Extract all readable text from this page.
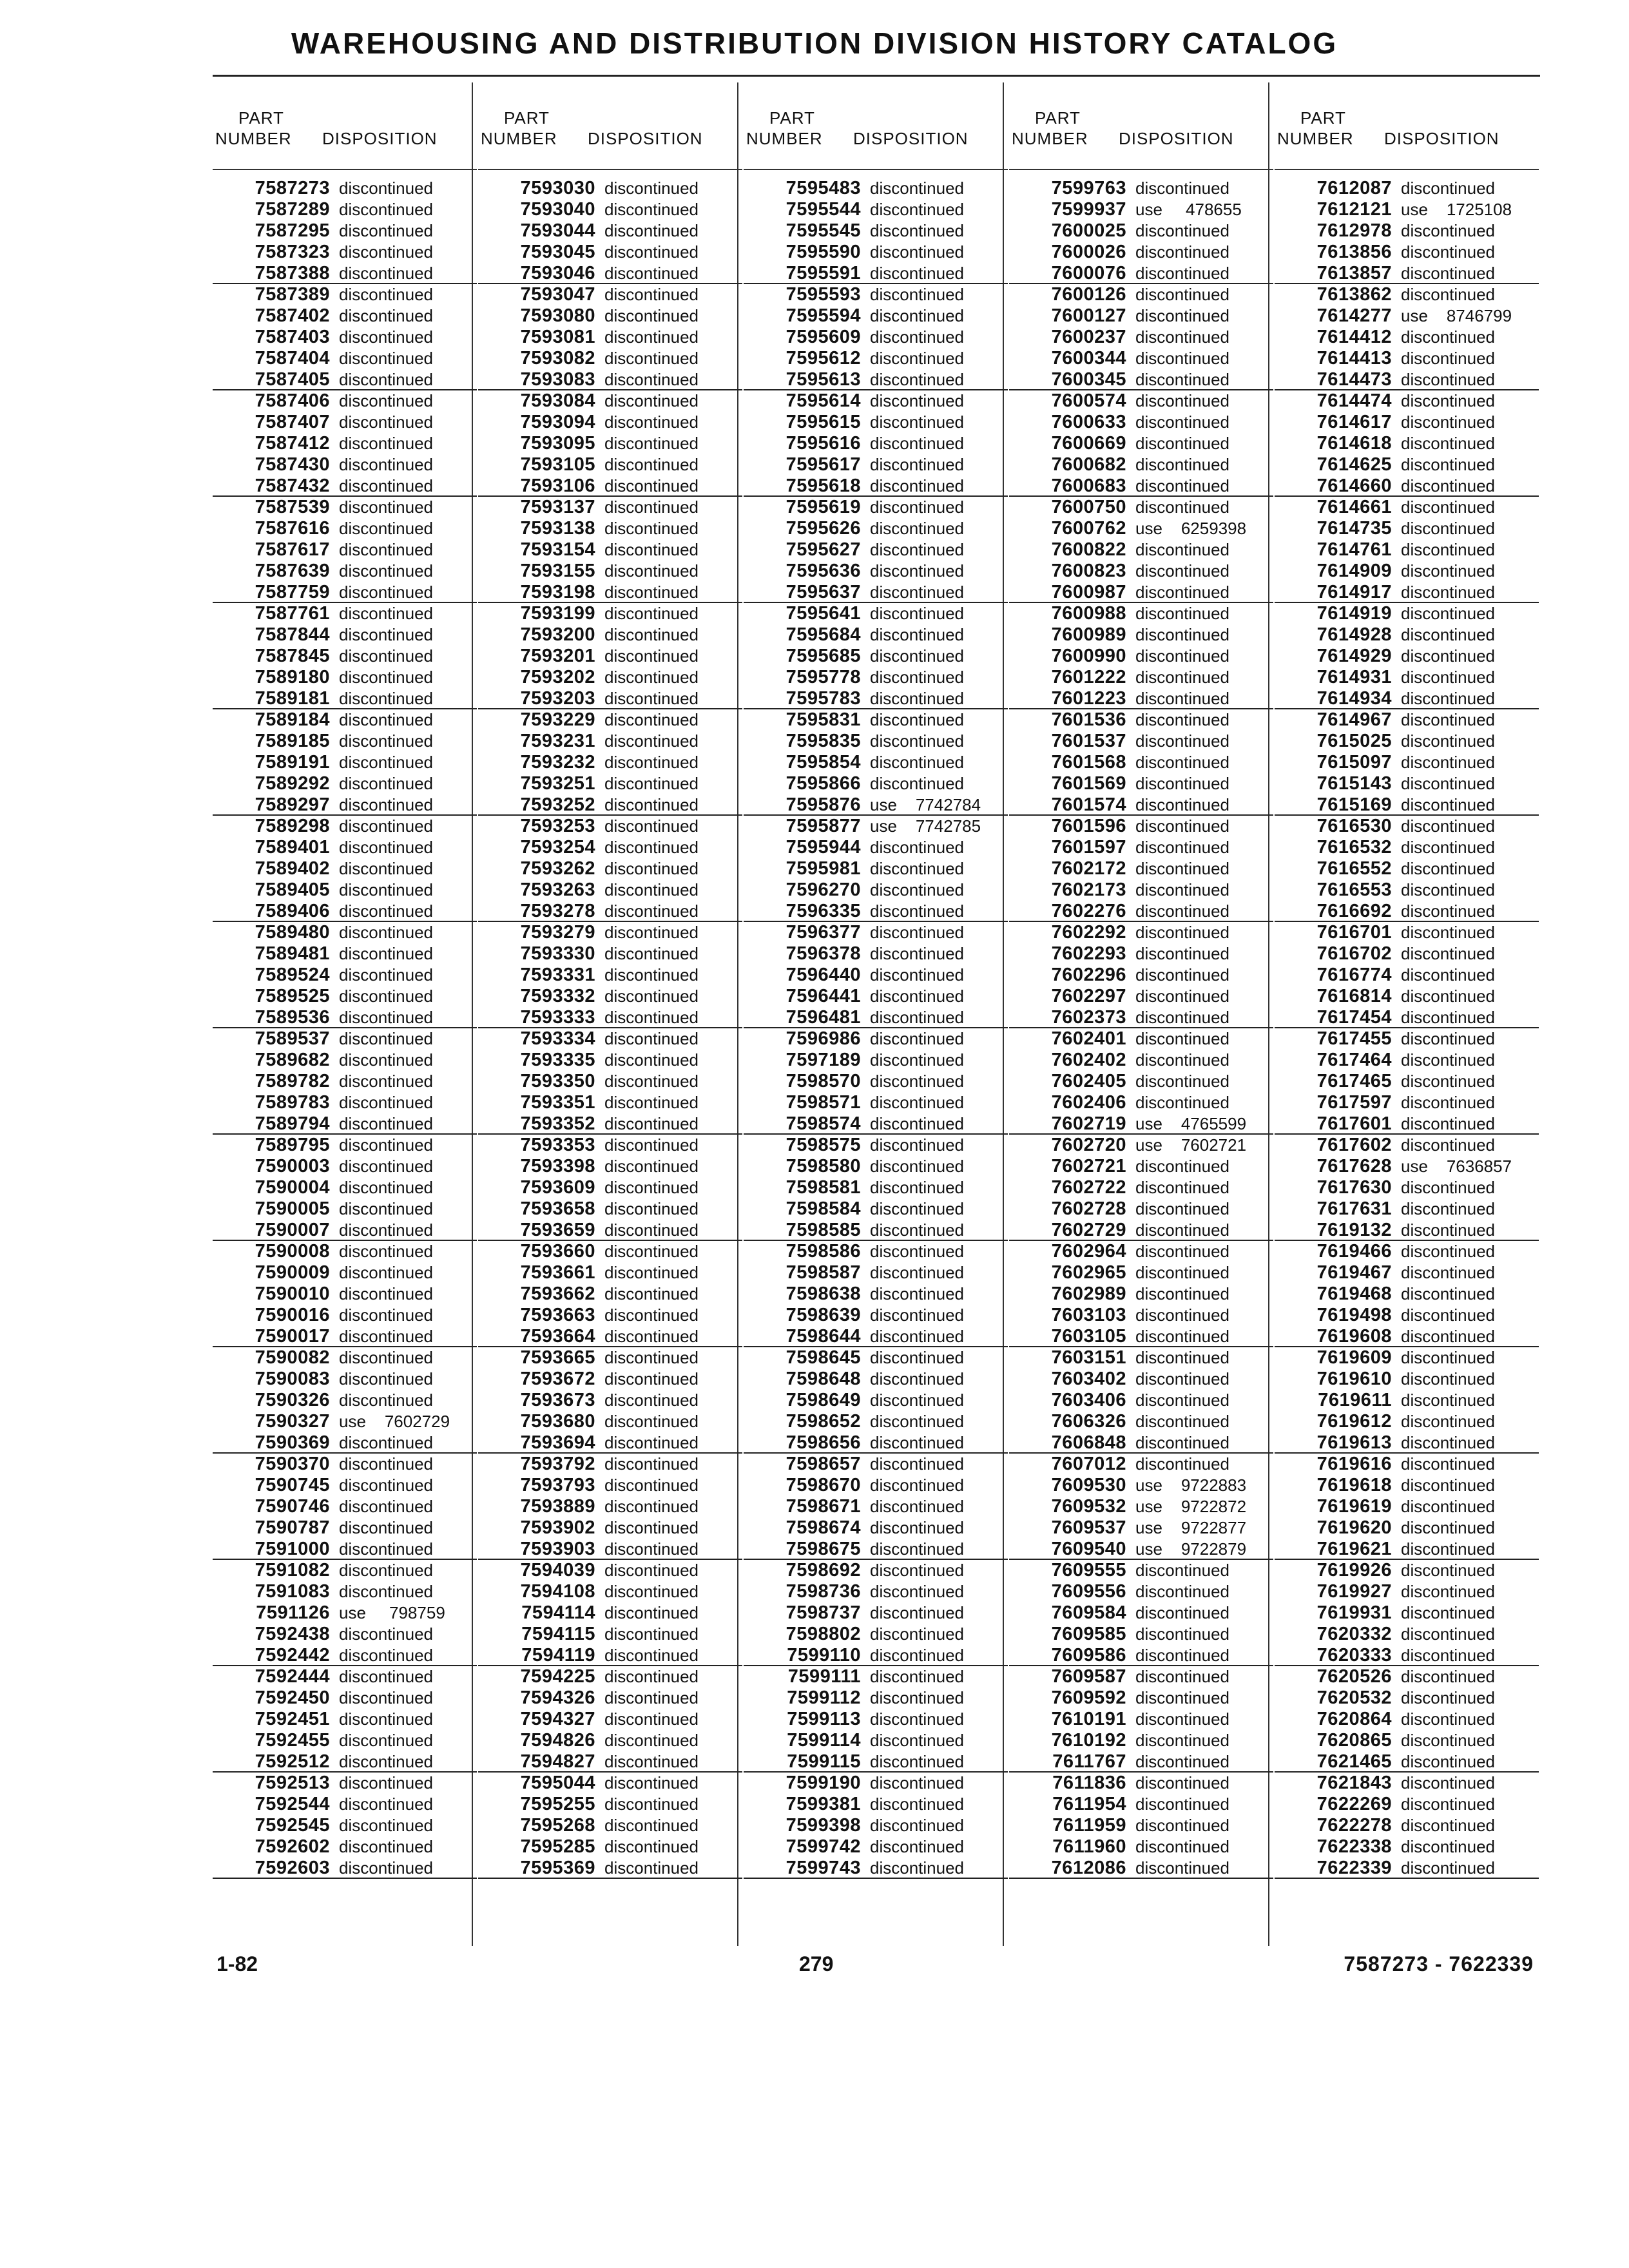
WAREHOUSING AND DISTRIBUTION DIVISION HISTORY CATALOG
PART
NUMBER DISPOSITION
7587273 discontinued
7587289 discontinued
7587295 discontinued
7587323 discontinued
7587388 discontinued
7587389 discontinued
7587402 discontinued
7587403 discontinued
7587404 discontinued
7587405 discontinued
7587406 discontinued
7587407 discontinued
7587412 discontinued
7587430 discontinued
7587432 discontinued
7587539 discontinued
7587616 discontinued
7587617 discontinued
7587639 discontinued
7587759 discontinued
7587761 discontinued
7587844 discontinued
7587845 discontinued
7589180 discontinued
7589181 discontinued
7589184 discontinued
7589185 discontinued
7589191 discontinued
7589292 discontinued
7589297 discontinued
7589298 discontinued
7589401 discontinued
7589402 discontinued
7589405 discontinued
7589406 discontinued
7589480 discontinued
7589481 discontinued
7589524 discontinued
7589525 discontinued
7589536 discontinued
7589537 discontinued
7589682 discontinued
7589782 discontinued
7589783 discontinued
7589794 discontinued
7589795 discontinued
7590003 discontinued
7590004 discontinued
7590005 discontinued
7590007 discontinued
7590008 discontinued
7590009 discontinued
7590010 discontinued
7590016 discontinued
7590017 discontinued
7590082 discontinued
7590083 discontinued
7590326 discontinued
7590327 use    7602729
7590369 discontinued
7590370 discontinued
7590745 discontinued
7590746 discontinued
7590787 discontinued
7591000 discontinued
7591082 discontinued
7591083 discontinued
7591126 use     798759
7592438 discontinued
7592442 discontinued
7592444 discontinued
7592450 discontinued
7592451 discontinued
7592455 discontinued
7592512 discontinued
7592513 discontinued
7592544 discontinued
7592545 discontinued
7592602 discontinued
7592603 discontinued
PART
NUMBER DISPOSITION
7593030 discontinued
7593040 discontinued
7593044 discontinued
7593045 discontinued
7593046 discontinued
7593047 discontinued
7593080 discontinued
7593081 discontinued
7593082 discontinued
7593083 discontinued
7593084 discontinued
7593094 discontinued
7593095 discontinued
7593105 discontinued
7593106 discontinued
7593137 discontinued
7593138 discontinued
7593154 discontinued
7593155 discontinued
7593198 discontinued
7593199 discontinued
7593200 discontinued
7593201 discontinued
7593202 discontinued
7593203 discontinued
7593229 discontinued
7593231 discontinued
7593232 discontinued
7593251 discontinued
7593252 discontinued
7593253 discontinued
7593254 discontinued
7593262 discontinued
7593263 discontinued
7593278 discontinued
7593279 discontinued
7593330 discontinued
7593331 discontinued
7593332 discontinued
7593333 discontinued
7593334 discontinued
7593335 discontinued
7593350 discontinued
7593351 discontinued
7593352 discontinued
7593353 discontinued
7593398 discontinued
7593609 discontinued
7593658 discontinued
7593659 discontinued
7593660 discontinued
7593661 discontinued
7593662 discontinued
7593663 discontinued
7593664 discontinued
7593665 discontinued
7593672 discontinued
7593673 discontinued
7593680 discontinued
7593694 discontinued
7593792 discontinued
7593793 discontinued
7593889 discontinued
7593902 discontinued
7593903 discontinued
7594039 discontinued
7594108 discontinued
7594114 discontinued
7594115 discontinued
7594119 discontinued
7594225 discontinued
7594326 discontinued
7594327 discontinued
7594826 discontinued
7594827 discontinued
7595044 discontinued
7595255 discontinued
7595268 discontinued
7595285 discontinued
7595369 discontinued
PART
NUMBER DISPOSITION
7595483 discontinued
7595544 discontinued
7595545 discontinued
7595590 discontinued
7595591 discontinued
7595593 discontinued
7595594 discontinued
7595609 discontinued
7595612 discontinued
7595613 discontinued
7595614 discontinued
7595615 discontinued
7595616 discontinued
7595617 discontinued
7595618 discontinued
7595619 discontinued
7595626 discontinued
7595627 discontinued
7595636 discontinued
7595637 discontinued
7595641 discontinued
7595684 discontinued
7595685 discontinued
7595778 discontinued
7595783 discontinued
7595831 discontinued
7595835 discontinued
7595854 discontinued
7595866 discontinued
7595876 use    7742784
7595877 use    7742785
7595944 discontinued
7595981 discontinued
7596270 discontinued
7596335 discontinued
7596377 discontinued
7596378 discontinued
7596440 discontinued
7596441 discontinued
7596481 discontinued
7596986 discontinued
7597189 discontinued
7598570 discontinued
7598571 discontinued
7598574 discontinued
7598575 discontinued
7598580 discontinued
7598581 discontinued
7598584 discontinued
7598585 discontinued
7598586 discontinued
7598587 discontinued
7598638 discontinued
7598639 discontinued
7598644 discontinued
7598645 discontinued
7598648 discontinued
7598649 discontinued
7598652 discontinued
7598656 discontinued
7598657 discontinued
7598670 discontinued
7598671 discontinued
7598674 discontinued
7598675 discontinued
7598692 discontinued
7598736 discontinued
7598737 discontinued
7598802 discontinued
7599110 discontinued
7599111 discontinued
7599112 discontinued
7599113 discontinued
7599114 discontinued
7599115 discontinued
7599190 discontinued
7599381 discontinued
7599398 discontinued
7599742 discontinued
7599743 discontinued
PART
NUMBER DISPOSITION
7599763 discontinued
7599937 use     478655
7600025 discontinued
7600026 discontinued
7600076 discontinued
7600126 discontinued
7600127 discontinued
7600237 discontinued
7600344 discontinued
7600345 discontinued
7600574 discontinued
7600633 discontinued
7600669 discontinued
7600682 discontinued
7600683 discontinued
7600750 discontinued
7600762 use    6259398
7600822 discontinued
7600823 discontinued
7600987 discontinued
7600988 discontinued
7600989 discontinued
7600990 discontinued
7601222 discontinued
7601223 discontinued
7601536 discontinued
7601537 discontinued
7601568 discontinued
7601569 discontinued
7601574 discontinued
7601596 discontinued
7601597 discontinued
7602172 discontinued
7602173 discontinued
7602276 discontinued
7602292 discontinued
7602293 discontinued
7602296 discontinued
7602297 discontinued
7602373 discontinued
7602401 discontinued
7602402 discontinued
7602405 discontinued
7602406 discontinued
7602719 use    4765599
7602720 use    7602721
7602721 discontinued
7602722 discontinued
7602728 discontinued
7602729 discontinued
7602964 discontinued
7602965 discontinued
7602989 discontinued
7603103 discontinued
7603105 discontinued
7603151 discontinued
7603402 discontinued
7603406 discontinued
7606326 discontinued
7606848 discontinued
7607012 discontinued
7609530 use    9722883
7609532 use    9722872
7609537 use    9722877
7609540 use    9722879
7609555 discontinued
7609556 discontinued
7609584 discontinued
7609585 discontinued
7609586 discontinued
7609587 discontinued
7609592 discontinued
7610191 discontinued
7610192 discontinued
7611767 discontinued
7611836 discontinued
7611954 discontinued
7611959 discontinued
7611960 discontinued
7612086 discontinued
PART
NUMBER DISPOSITION
7612087 discontinued
7612121 use    1725108
7612978 discontinued
7613856 discontinued
7613857 discontinued
7613862 discontinued
7614277 use    8746799
7614412 discontinued
7614413 discontinued
7614473 discontinued
7614474 discontinued
7614617 discontinued
7614618 discontinued
7614625 discontinued
7614660 discontinued
7614661 discontinued
7614735 discontinued
7614761 discontinued
7614909 discontinued
7614917 discontinued
7614919 discontinued
7614928 discontinued
7614929 discontinued
7614931 discontinued
7614934 discontinued
7614967 discontinued
7615025 discontinued
7615097 discontinued
7615143 discontinued
7615169 discontinued
7616530 discontinued
7616532 discontinued
7616552 discontinued
7616553 discontinued
7616692 discontinued
7616701 discontinued
7616702 discontinued
7616774 discontinued
7616814 discontinued
7617454 discontinued
7617455 discontinued
7617464 discontinued
7617465 discontinued
7617597 discontinued
7617601 discontinued
7617602 discontinued
7617628 use    7636857
7617630 discontinued
7617631 discontinued
7619132 discontinued
7619466 discontinued
7619467 discontinued
7619468 discontinued
7619498 discontinued
7619608 discontinued
7619609 discontinued
7619610 discontinued
7619611 discontinued
7619612 discontinued
7619613 discontinued
7619616 discontinued
7619618 discontinued
7619619 discontinued
7619620 discontinued
7619621 discontinued
7619926 discontinued
7619927 discontinued
7619931 discontinued
7620332 discontinued
7620333 discontinued
7620526 discontinued
7620532 discontinued
7620864 discontinued
7620865 discontinued
7621465 discontinued
7621843 discontinued
7622269 discontinued
7622278 discontinued
7622338 discontinued
7622339 discontinued
1-82	279	7587273 - 7622339
